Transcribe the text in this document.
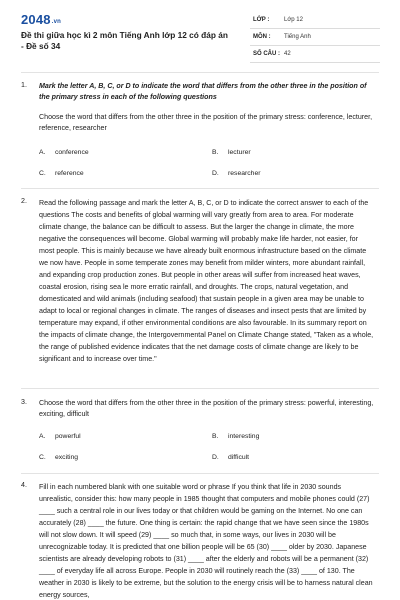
2048.vn
Đề thi giữa học kì 2 môn Tiếng Anh lớp 12 có đáp án - Đề số 34
LỚP : Lớp 12
MÔN : Tiếng Anh
SỐ CÂU : 42
1. Mark the letter A, B, C, or D to indicate the word that differs from the other three in the position of the primary stress in each of the following questions
Choose the word that differs from the other three in the position of the primary stress: conference, lecturer, reference, researcher
A. conference	B. lecturer
C. reference	D. researcher
2. Read the following passage and mark the letter A, B, C, or D to indicate the correct answer to each of the questions The costs and benefits of global warming will vary greatly from area to area. For moderate climate change, the balance can be difficult to assess. But the larger the change in climate, the more negative the consequences will become. Global warming will probably make life harder, not easier, for most people. This is mainly because we have already built enormous infrastructure based on the climate we now have. People in some temperate zones may benefit from milder winters, more abundant rainfall, and expanding crop production zones. But people in other areas will suffer from increased heat waves, coastal erosion, rising sea le more erratic rainfall, and droughts. The crops, natural vegetation, and domesticated and wild animals (including seafood) that sustain people in a given area may be unable to adapt to local or regional changes in climate. The ranges of diseases and insect pests that are limited by temperature may expand, if other environmental conditions are also favourable. In its summary report on the impacts of climate change, the Intergovernmental Panel on Climate Change stated, "Taken as a whole, the range of published evidence indicates that the net damage costs of climate change are likely to be significant and to increase over time."
3. Choose the word that differs from the other three in the position of the primary stress: powerful, interesting, exciting, difficult
A. powerful	B. interesting
C. exciting	D. difficult
4. Fill in each numbered blank with one suitable word or phrase If you think that life in 2030 sounds unrealistic, consider this: how many people in 1985 thought that computers and mobile phones could (27) ____ such a central role in our lives today or that children would be gaming on the Internet. No one can accurately (28) ____ the future. One thing is certain: the rapid change that we have seen since the 1980s will not slow down. It will speed (29) ____ so much that, in some ways, our lives in 2030 will be unrecognizable today. It is predicted that one billion people will be 65 (30) ____ older by 2030. Japanese scientists are already developing robots to (31) ____ after the elderly and robots will be a permanent (32) ____ of everyday life all across Europe. People in 2030 will routinely reach the (33) ____ of 130. The weather in 2030 is likely to be extreme, but the solution to the energy crisis will be to harness natural clean energy sources,
